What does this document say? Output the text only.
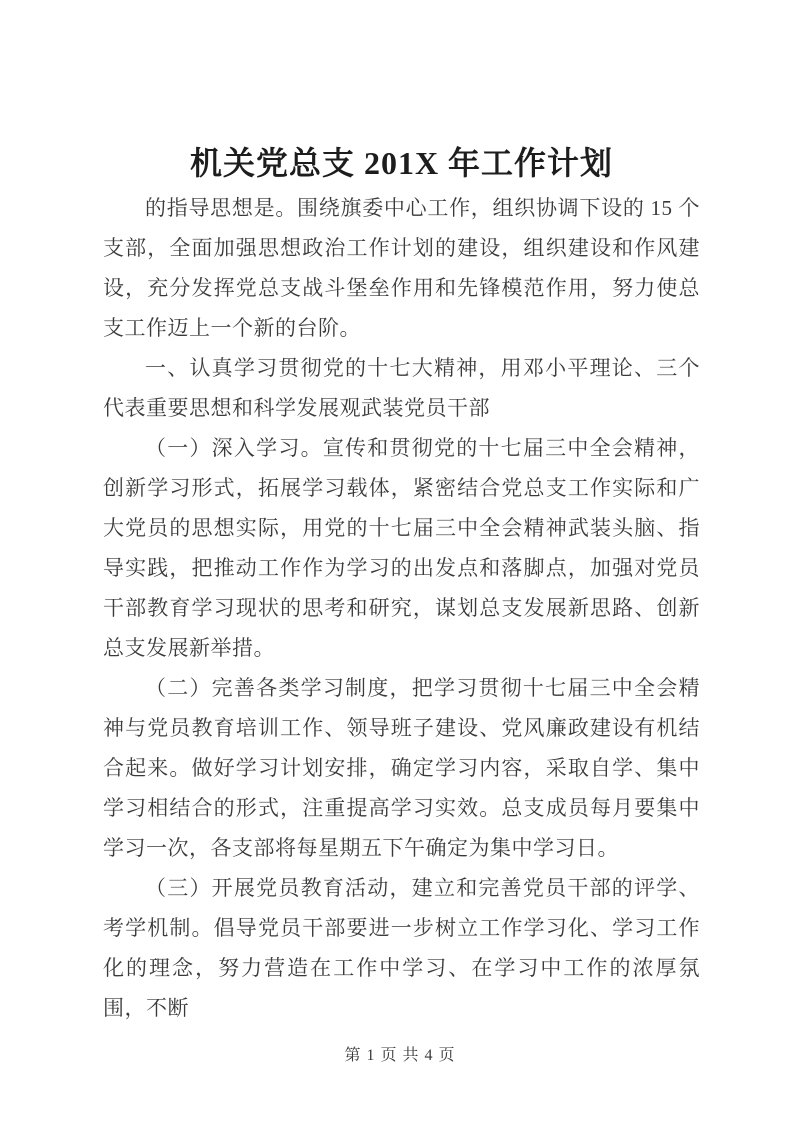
机关党总支 201X 年工作计划

的指导思想是。围绕旗委中心工作，组织协调下设的 15 个支部，全面加强思想政治工作计划的建设，组织建设和作风建设，充分发挥党总支战斗堡垒作用和先锋模范作用，努力使总支工作迈上一个新的台阶。

一、认真学习贯彻党的十七大精神，用邓小平理论、三个代表重要思想和科学发展观武装党员干部

（一）深入学习。宣传和贯彻党的十七届三中全会精神，创新学习形式，拓展学习载体，紧密结合党总支工作实际和广大党员的思想实际，用党的十七届三中全会精神武装头脑、指导实践，把推动工作作为学习的出发点和落脚点，加强对党员干部教育学习现状的思考和研究，谋划总支发展新思路、创新总支发展新举措。

（二）完善各类学习制度，把学习贯彻十七届三中全会精神与党员教育培训工作、领导班子建设、党风廉政建设有机结合起来。做好学习计划安排，确定学习内容，采取自学、集中学习相结合的形式，注重提高学习实效。总支成员每月要集中学习一次，各支部将每星期五下午确定为集中学习日。

（三）开展党员教育活动，建立和完善党员干部的评学、考学机制。倡导党员干部要进一步树立工作学习化、学习工作化的理念，努力营造在工作中学习、在学习中工作的浓厚氛围，不断

第 1 页 共 4 页
